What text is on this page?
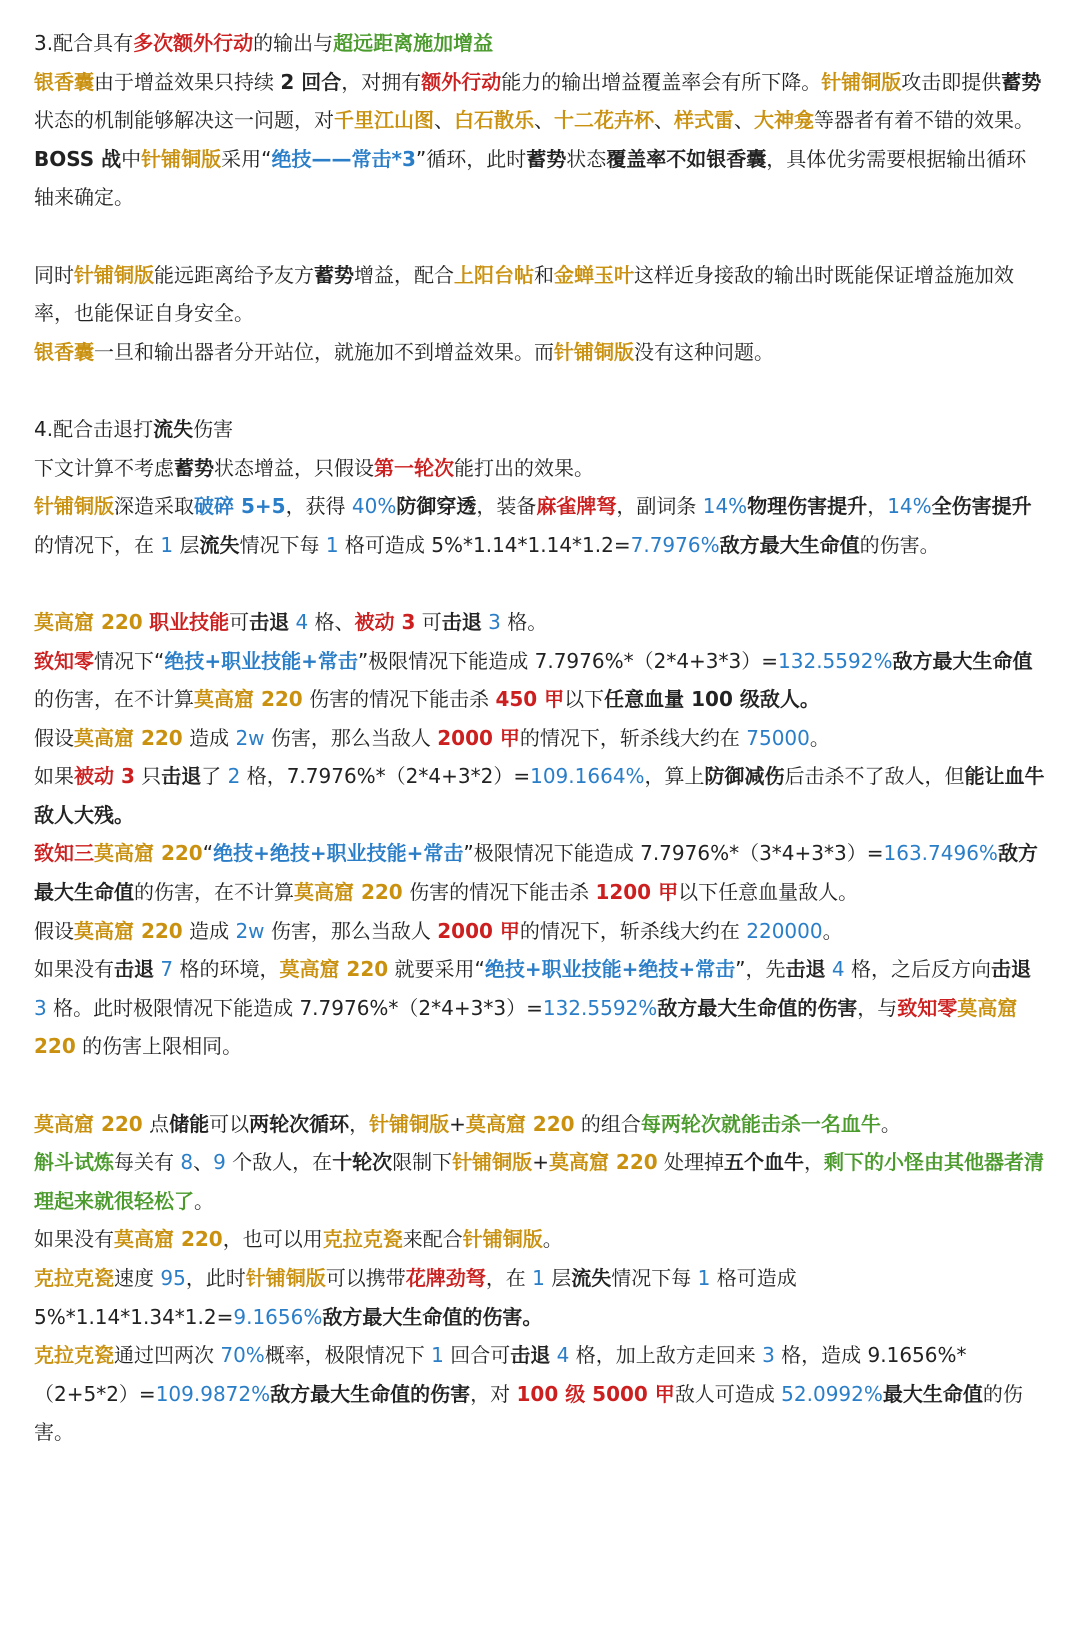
3.配合具有多次额外行动的输出与超远距离施加增益

银香囊由于增益效果只持续 2 回合，对拥有额外行动能力的输出增益覆盖率会有所下降。针铺铜版攻击即提供蓄势状态的机制能够解决这一问题，对千里江山图、白石散乐、十二花卉杯、样式雷、大神龛等器者有着不错的效果。

BOSS 战中针铺铜版采用“绝技——常击*3”循环，此时蓄势状态覆盖率不如银香囊，具体优劣需要根据输出循环轴来确定。

同时针铺铜版能远距离给予友方蓄势增益，配合上阳台帖和金蝉玉叶这样近身接敌的输出时既能保证增益施加效率，也能保证自身安全。

银香囊一旦和输出器者分开站位，就施加不到增益效果。而针铺铜版没有这种问题。

4.配合击退打流失伤害

下文计算不考虑蓄势状态增益，只假设第一轮次能打出的效果。

针铺铜版深造采取破碎 5+5，获得 40%防御穿透，装备麻雀牌弩，副词条 14%物理伤害提升，14%全伤害提升的情况下，在 1 层流失情况下每 1 格可造成 5%*1.14*1.14*1.2=7.7976%敌方最大生命值的伤害。

莫高窟 220 职业技能可击退 4 格、被动 3 可击退 3 格。

致知零情况下“绝技+职业技能+常击”极限情况下能造成 7.7976%*（2*4+3*3）=132.5592%敌方最大生命值的伤害，在不计算莫高窟 220 伤害的情况下能击杀 450 甲以下任意血量 100 级敌人。

假设莫高窟 220 造成 2w 伤害，那么当敌人 2000 甲的情况下，斩杀线大约在 75000。

如果被动 3 只击退了 2 格，7.7976%*（2*4+3*2）=109.1664%，算上防御减伤后击杀不了敌人，但能让血牛敌人大残。

致知三莫高窟 220“绝技+绝技+职业技能+常击”极限情况下能造成 7.7976%*（3*4+3*3）=163.7496%敌方最大生命值的伤害，在不计算莫高窟 220 伤害的情况下能击杀 1200 甲以下任意血量敌人。

假设莫高窟 220 造成 2w 伤害，那么当敌人 2000 甲的情况下，斩杀线大约在 220000。

如果没有击退 7 格的环境，莫高窟 220 就要采用“绝技+职业技能+绝技+常击”，先击退 4 格，之后反方向击退 3 格。此时极限情况下能造成 7.7976%*（2*4+3*3）=132.5592%敌方最大生命值的伤害，与致知零莫高窟 220 的伤害上限相同。

莫高窟 220 点储能可以两轮次循环，针铺铜版+莫高窟 220 的组合每两轮次就能击杀一名血牛。

斛斗试炼每关有 8、9 个敌人，在十轮次限制下针铺铜版+莫高窟 220 处理掉五个血牛，剩下的小怪由其他器者清理起来就很轻松了。

如果没有莫高窟 220，也可以用克拉克瓷来配合针铺铜版。

克拉克瓷速度 95，此时针铺铜版可以携带花牌劲弩，在 1 层流失情况下每 1 格可造成 5%*1.14*1.34*1.2=9.1656%敌方最大生命值的伤害。

克拉克瓷通过凹两次 70%概率，极限情况下 1 回合可击退 4 格，加上敌方走回来 3 格，造成 9.1656%*（2+5*2）=109.9872%敌方最大生命值的伤害，对 100 级 5000 甲敌人可造成 52.0992%最大生命值的伤害。
